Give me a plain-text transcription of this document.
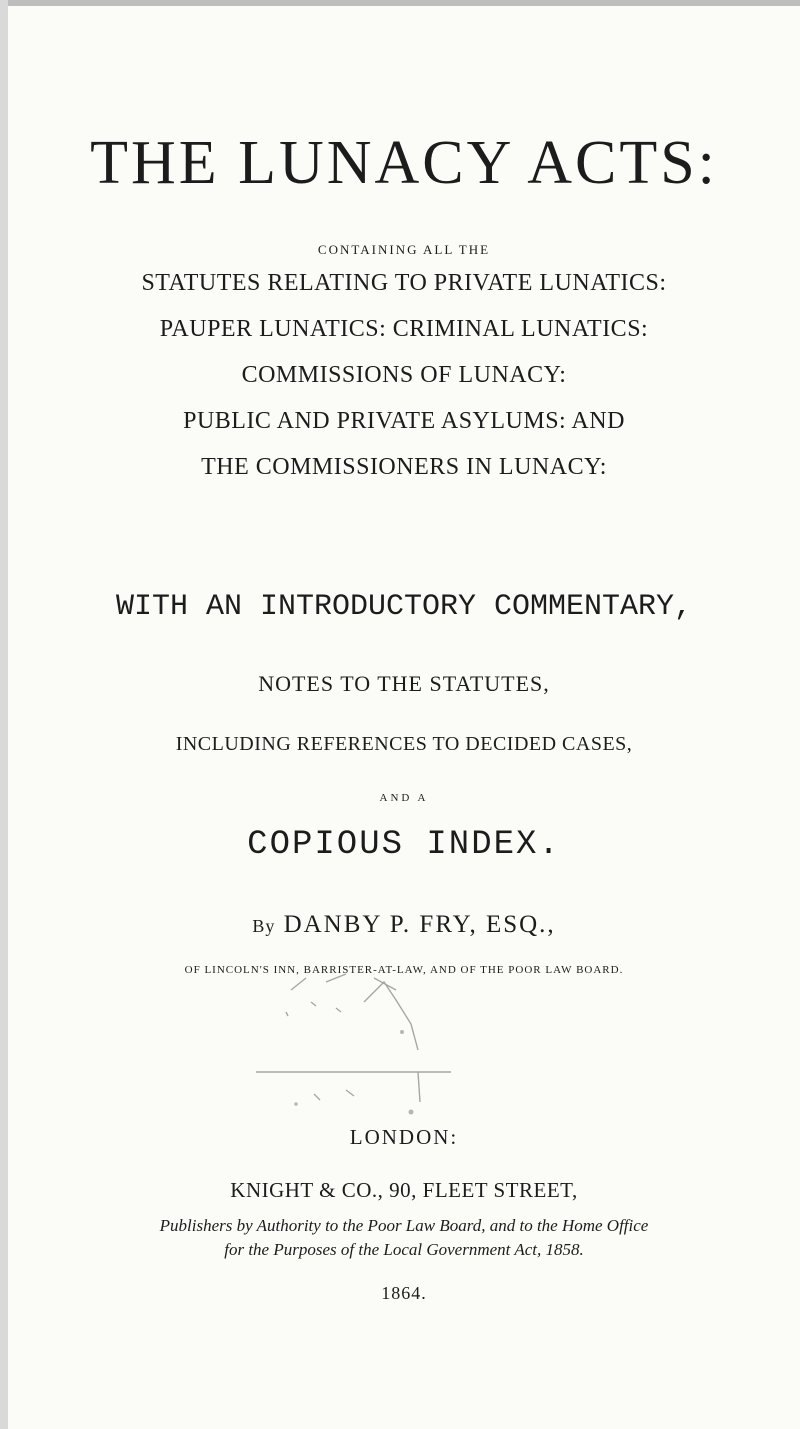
THE LUNACY ACTS:
CONTAINING ALL THE
STATUTES RELATING TO PRIVATE LUNATICS:
PAUPER LUNATICS: CRIMINAL LUNATICS:
COMMISSIONS OF LUNACY:
PUBLIC AND PRIVATE ASYLUMS: AND
THE COMMISSIONERS IN LUNACY:
WITH AN INTRODUCTORY COMMENTARY,
NOTES TO THE STATUTES,
INCLUDING REFERENCES TO DECIDED CASES,
AND A
COPIOUS INDEX.
By DANBY P. FRY, ESQ.,
OF LINCOLN'S INN, BARRISTER-AT-LAW, AND OF THE POOR LAW BOARD.
LONDON:
KNIGHT & CO., 90, FLEET STREET,
Publishers by Authority to the Poor Law Board, and to the Home Office
for the Purposes of the Local Government Act, 1858.
1864.
